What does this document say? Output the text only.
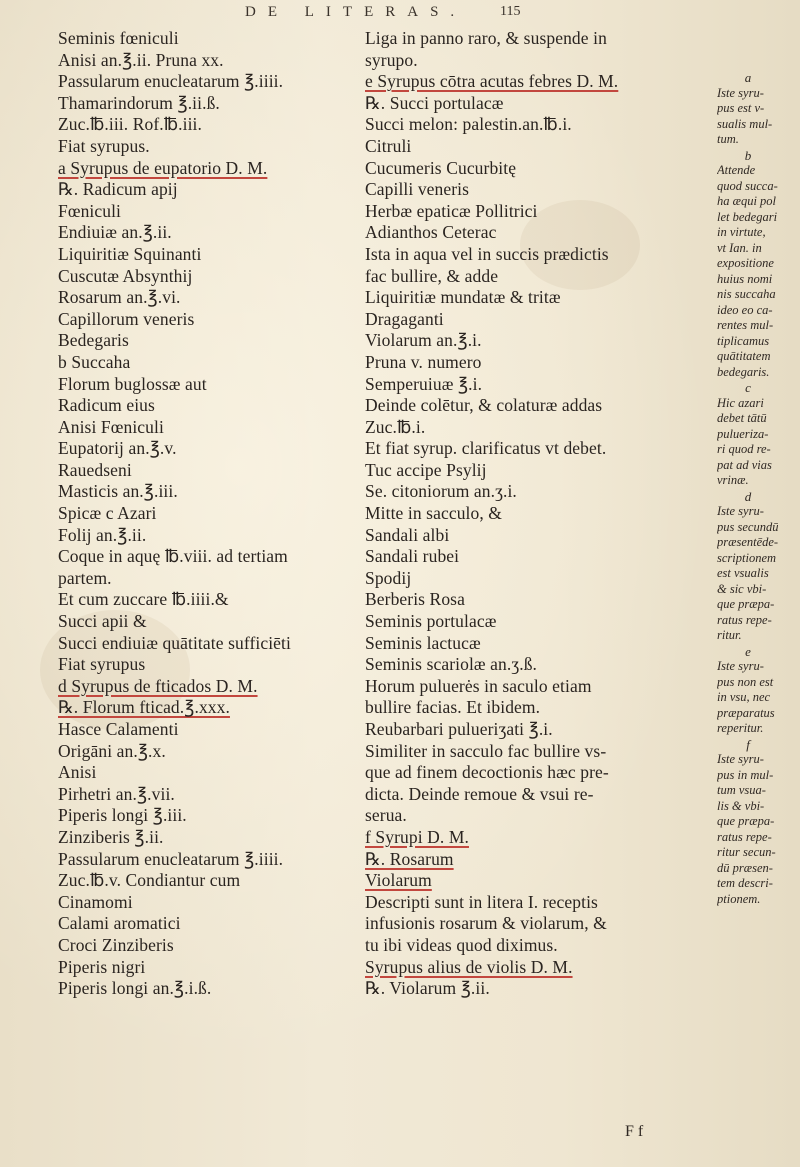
DE LITERAS. 115
Seminis fœniculi
Anisi an.℥.ii. Pruna xx.
Passularum enucleatarum ℥.iiii.
Thamarindorum ℥.ii.ß.
Zuc.℔.iii. Rof.℔.iii.
Fiat syrupus.
a Syrupus de eupatorio D. M.
℞. Radicum apij
Fœniculi
Endiuiæ an.℥.ii.
Liquiritiæ Squinanti
Cuscutæ Absynthij
Rosarum an.℥.vi.
Capillorum veneris
Bedegaris
b Succaha
Florum buglossæ aut
Radicum eius
Anisi Fœniculi
Eupatorij an.℥.v.
Rauedseni
Masticis an.℥.iii.
Spicæ c Azari
Folij an.℥.ii.
Coque in aquę ℔.viii. ad tertiam
partem.
Et cum zuccare ℔.iiii.&
Succi apii &
Succi endiuiæ quātitate sufficiēti
Fiat syrupus
d Syrupus de fticados D. M.
℞. Florum fticad.℥.xxx.
Hasce Calamenti
Origāni an.℥.x.
Anisi
Pirhetri an.℥.vii.
Piperis longi ℥.iii.
Zinziberis ℥.ii.
Passularum enucleatarum ℥.iiii.
Zuc.℔.v. Condiantur cum
Cinamomi
Calami aromatici
Croci Zinziberis
Piperis nigri
Piperis longi an.℥.i.ß.
Liga in panno raro, & suspende in
syrupo.
e Syrupus cōtra acutas febres D. M.
℞. Succi portulacæ
Succi melon: palestin.an.℔.i.
Citruli
Cucumeris Cucurbitę
Capilli veneris
Herbæ epaticæ Pollitrici
Adianthos Ceterac
Ista in aqua vel in succis prædictis
fac bullire, & adde
Liquiritiæ mundatæ & tritæ
Dragaganti
Violarum an.℥.i.
Pruna v. numero
Semperuiuæ ℥.i.
Deinde colētur, & colaturæ addas
Zuc.℔.i.
Et fiat syrup. clarificatus vt debet.
Tuc accipe Psylij
Se. citoniorum an.ʒ.i.
Mitte in sacculo, &
Sandali albi
Sandali rubei
Spodij
Berberis Rosa
Seminis portulacæ
Seminis lactucæ
Seminis scariolæ an.ʒ.ß.
Horum puluerės in saculo etiam
bullire facias. Et ibidem.
Reubarbari pulueriʒati ℥.i.
Similiter in sacculo fac bullire vs-
que ad finem decoctionis hæc pre-
dicta. Deinde remoue & vsui re-
serua.
f Syrupi D. M.
℞. Rosarum
Violarum
Descripti sunt in litera I. receptis
infusionis rosarum & violarum, &
tu ibi videas quod diximus.
Syrupus alius de violis D. M.
℞. Violarum ℥.ii.
a
Iste syru-
pus est v-
sualis mul-
tum.
b
Attende
quod succa-
ha æqui pol
let bedegari
in virtute,
vt Ian. in
expositione
huius nomi
nis succaha
ideo eo ca-
rentes mul-
tiplicamus
quātitatem
bedegaris.
c
Hic azari
debet tātū
pulueriza-
ri quod re-
pat ad vias
vrinæ.
d
Iste syru-
pus secundū
præsentēde-
scriptionem
est vsualis
& sic vbi-
que præpa-
ratus repe-
ritur.
e
Iste syru-
pus non est
in vsu, nec
præparatus
reperitur.
f
Iste syru-
pus in mul-
tum vsua-
lis & vbi-
que præpa-
ratus repe-
ritur secun-
dū præsen-
tem descri-
ptionem.
F f
